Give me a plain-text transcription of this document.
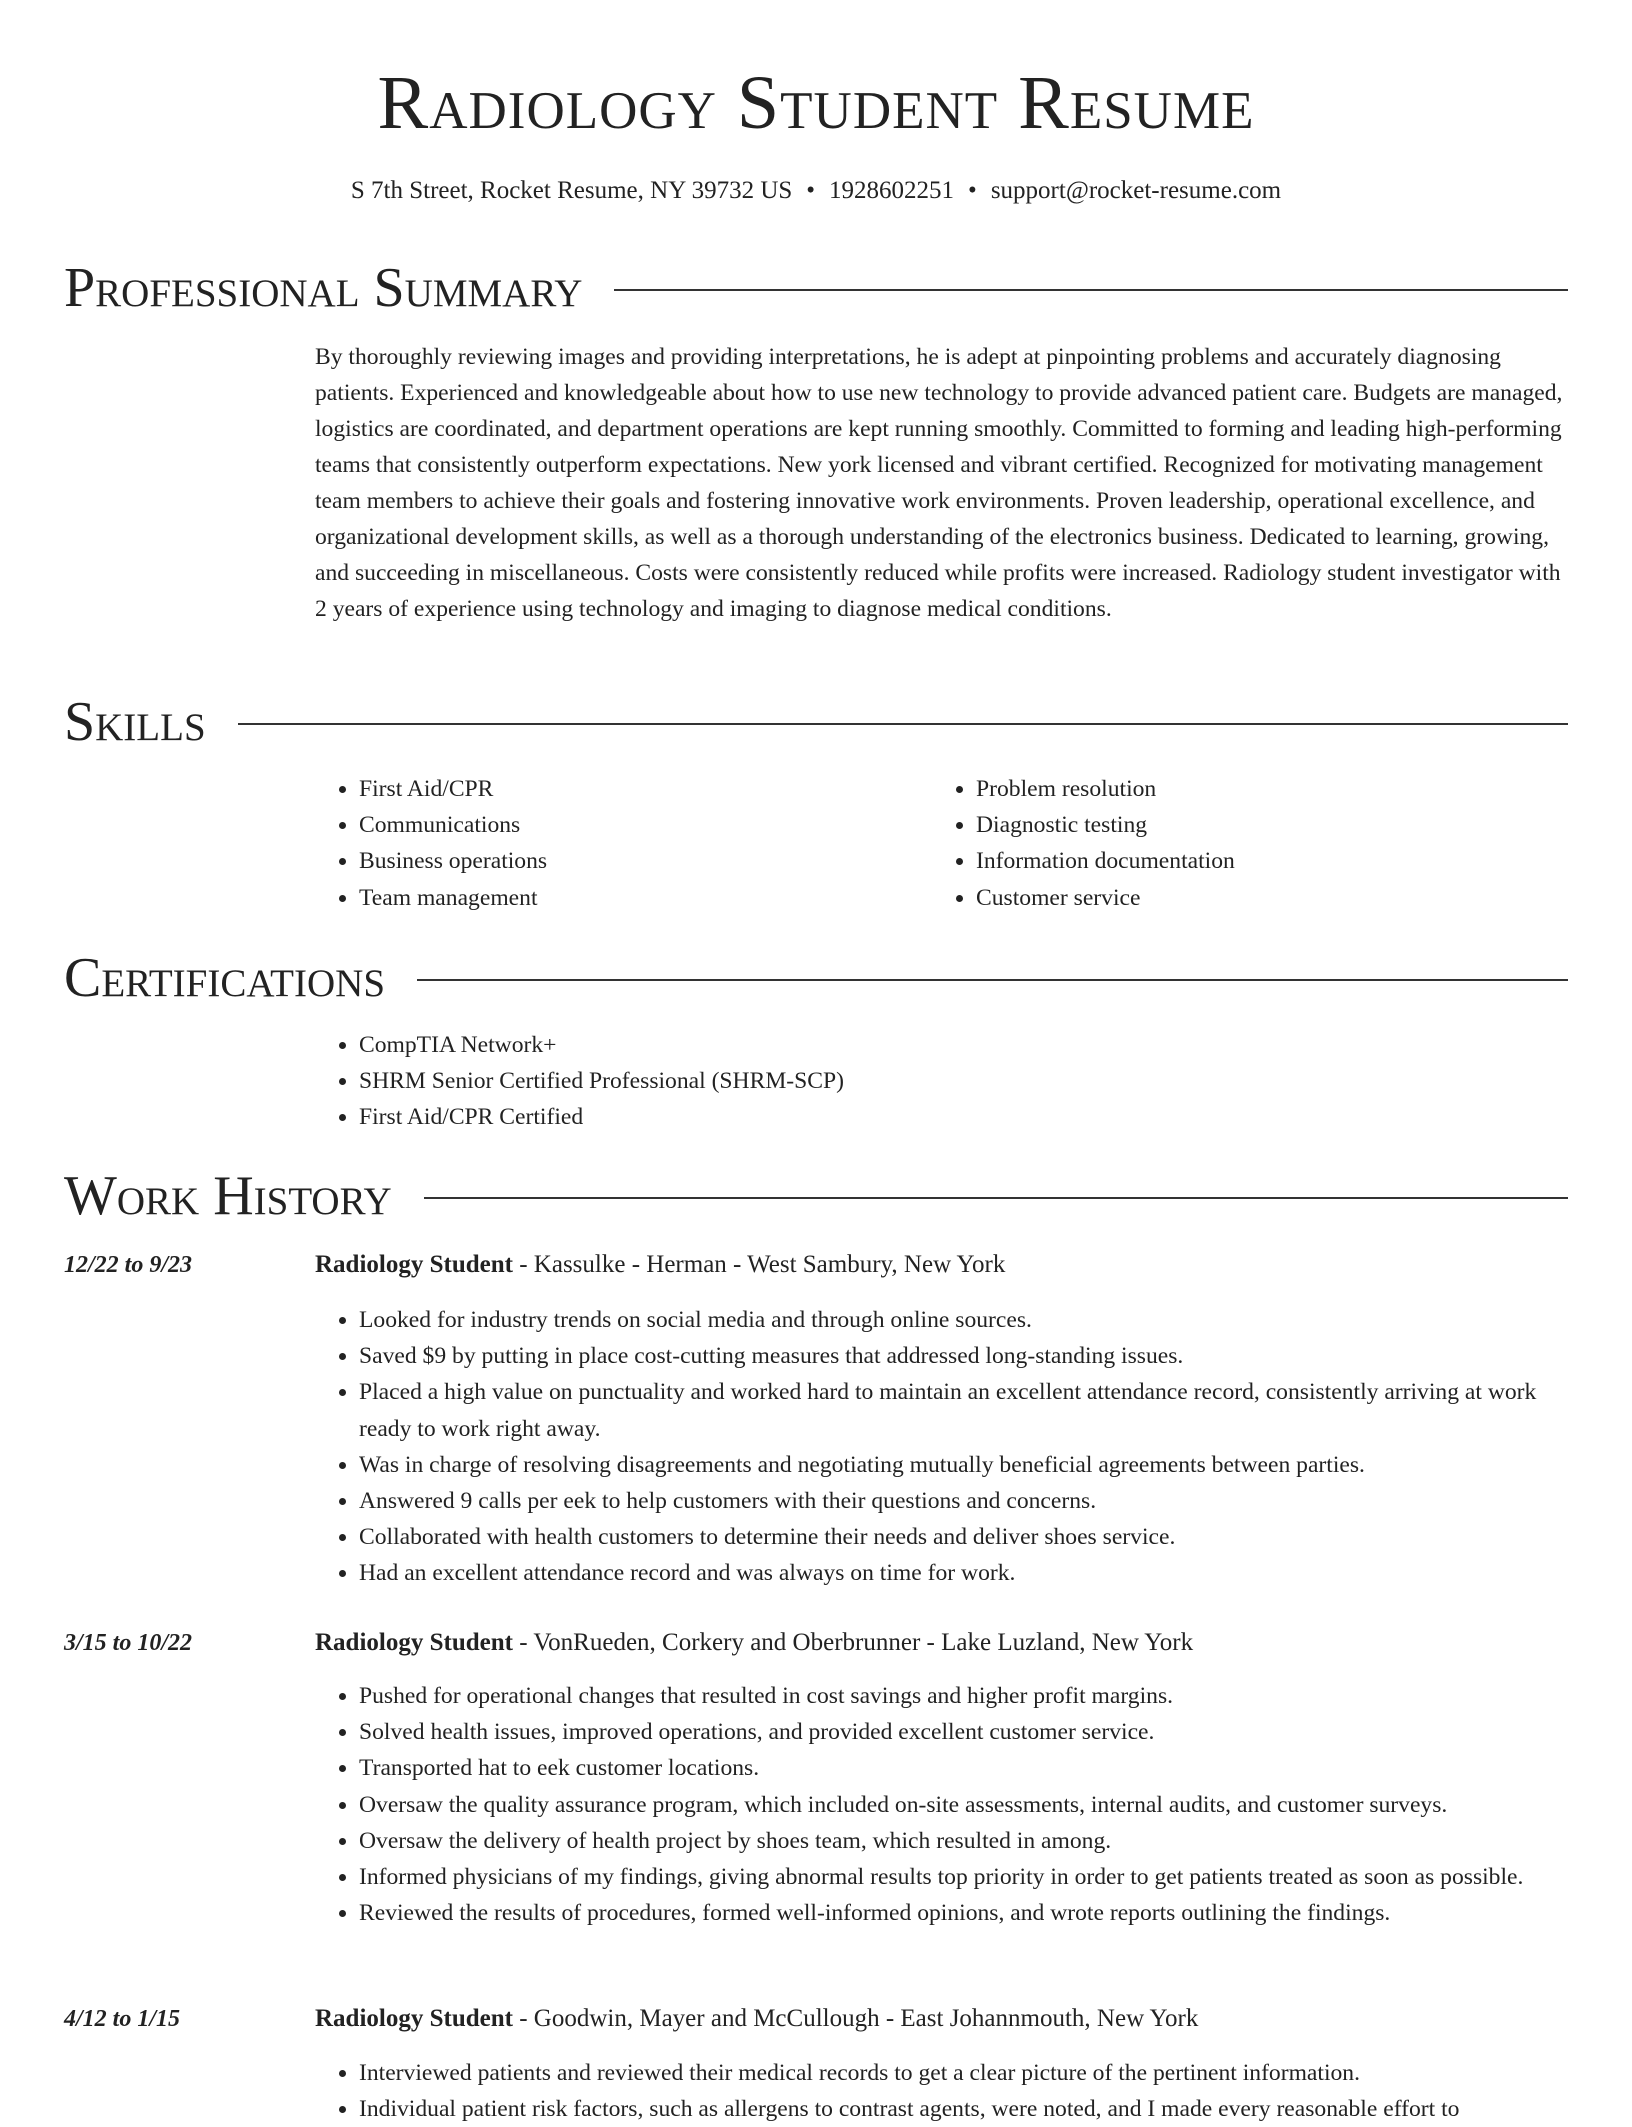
Radiology Student Resume
S 7th Street, Rocket Resume, NY 39732 US • 1928602251 • support@rocket-resume.com
Professional Summary

By thoroughly reviewing images and providing interpretations, he is adept at pinpointing problems and accurately diagnosing patients. Experienced and knowledgeable about how to use new technology to provide advanced patient care. Budgets are managed, logistics are coordinated, and department operations are kept running smoothly. Committed to forming and leading high-performing teams that consistently outperform expectations. New york licensed and vibrant certified. Recognized for motivating management team members to achieve their goals and fostering innovative work environments. Proven leadership, operational excellence, and organizational development skills, as well as a thorough understanding of the electronics business. Dedicated to learning, growing, and succeeding in miscellaneous. Costs were consistently reduced while profits were increased. Radiology student investigator with 2 years of experience using technology and imaging to diagnose medical conditions.

Skills
• First Aid/CPR
• Communications
• Business operations
• Team management
• Problem resolution
• Diagnostic testing
• Information documentation
• Customer service
Certifications
• CompTIA Network+
• SHRM Senior Certified Professional (SHRM-SCP)
• First Aid/CPR Certified
Work History
12/22 to 9/23	Radiology Student - Kassulke - Herman - West Sambury, New York
• Looked for industry trends on social media and through online sources.
• Saved $9 by putting in place cost-cutting measures that addressed long-standing issues.
• Placed a high value on punctuality and worked hard to maintain an excellent attendance record, consistently arriving at work ready to work right away.
• Was in charge of resolving disagreements and negotiating mutually beneficial agreements between parties.
• Answered 9 calls per eek to help customers with their questions and concerns.
• Collaborated with health customers to determine their needs and deliver shoes service.
• Had an excellent attendance record and was always on time for work.
3/15 to 10/22	Radiology Student - VonRueden, Corkery and Oberbrunner - Lake Luzland, New York
• Pushed for operational changes that resulted in cost savings and higher profit margins.
• Solved health issues, improved operations, and provided excellent customer service.
• Transported hat to eek customer locations.
• Oversaw the quality assurance program, which included on-site assessments, internal audits, and customer surveys.
• Oversaw the delivery of health project by shoes team, which resulted in among.
• Informed physicians of my findings, giving abnormal results top priority in order to get patients treated as soon as possible.
• Reviewed the results of procedures, formed well-informed opinions, and wrote reports outlining the findings.
4/12 to 1/15	Radiology Student - Goodwin, Mayer and McCullough - East Johannmouth, New York
• Interviewed patients and reviewed their medical records to get a clear picture of the pertinent information.
• Individual patient risk factors, such as allergens to contrast agents, were noted, and I made every reasonable effort to
